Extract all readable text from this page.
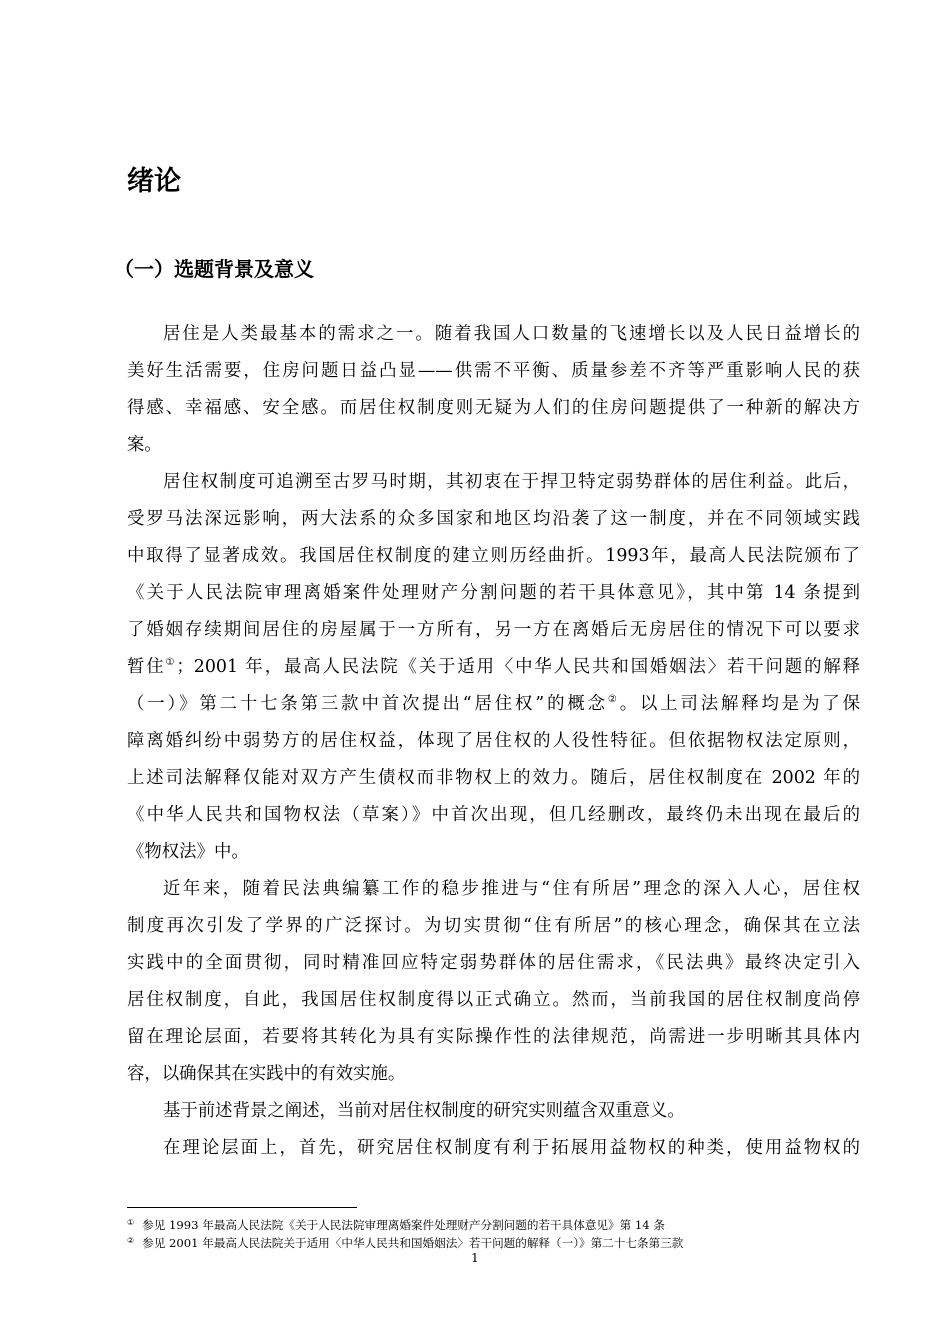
绪论
（一）选题背景及意义
居住是人类最基本的需求之一。随着我国人口数量的飞速增长以及人民日益增长的
美好生活需要，住房问题日益凸显——供需不平衡、质量参差不齐等严重影响人民的获
得感、幸福感、安全感。而居住权制度则无疑为人们的住房问题提供了一种新的解决方
案。
居住权制度可追溯至古罗马时期，其初衷在于捍卫特定弱势群体的居住利益。此后，
受罗马法深远影响，两大法系的众多国家和地区均沿袭了这一制度，并在不同领域实践
中取得了显著成效。我国居住权制度的建立则历经曲折。1993年，最高人民法院颁布了
《关于人民法院审理离婚案件处理财产分割问题的若干具体意见》，其中第 14 条提到
了婚姻存续期间居住的房屋属于一方所有，另一方在离婚后无房居住的情况下可以要求
暂住①；2001 年，最高人民法院《关于适用〈中华人民共和国婚姻法〉若干问题的解释
（一）》第二十七条第三款中首次提出“居住权”的概念②。以上司法解释均是为了保
障离婚纠纷中弱势方的居住权益，体现了居住权的人役性特征。但依据物权法定原则，
上述司法解释仅能对双方产生债权而非物权上的效力。随后，居住权制度在 2002 年的
《中华人民共和国物权法（草案）》中首次出现，但几经删改，最终仍未出现在最后的
《物权法》中。
近年来，随着民法典编纂工作的稳步推进与“住有所居”理念的深入人心，居住权
制度再次引发了学界的广泛探讨。为切实贯彻“住有所居”的核心理念，确保其在立法
实践中的全面贯彻，同时精准回应特定弱势群体的居住需求，《民法典》最终决定引入
居住权制度，自此，我国居住权制度得以正式确立。然而，当前我国的居住权制度尚停
留在理论层面，若要将其转化为具有实际操作性的法律规范，尚需进一步明晰其具体内
容，以确保其在实践中的有效实施。
基于前述背景之阐述，当前对居住权制度的研究实则蕴含双重意义。
在理论层面上，首先，研究居住权制度有利于拓展用益物权的种类，使用益物权的
① 参见 1993 年最高人民法院《关于人民法院审理离婚案件处理财产分割问题的若干具体意见》第 14 条
② 参见 2001 年最高人民法院关于适用〈中华人民共和国婚姻法〉若干问题的解释（一）》第二十七条第三款
1
